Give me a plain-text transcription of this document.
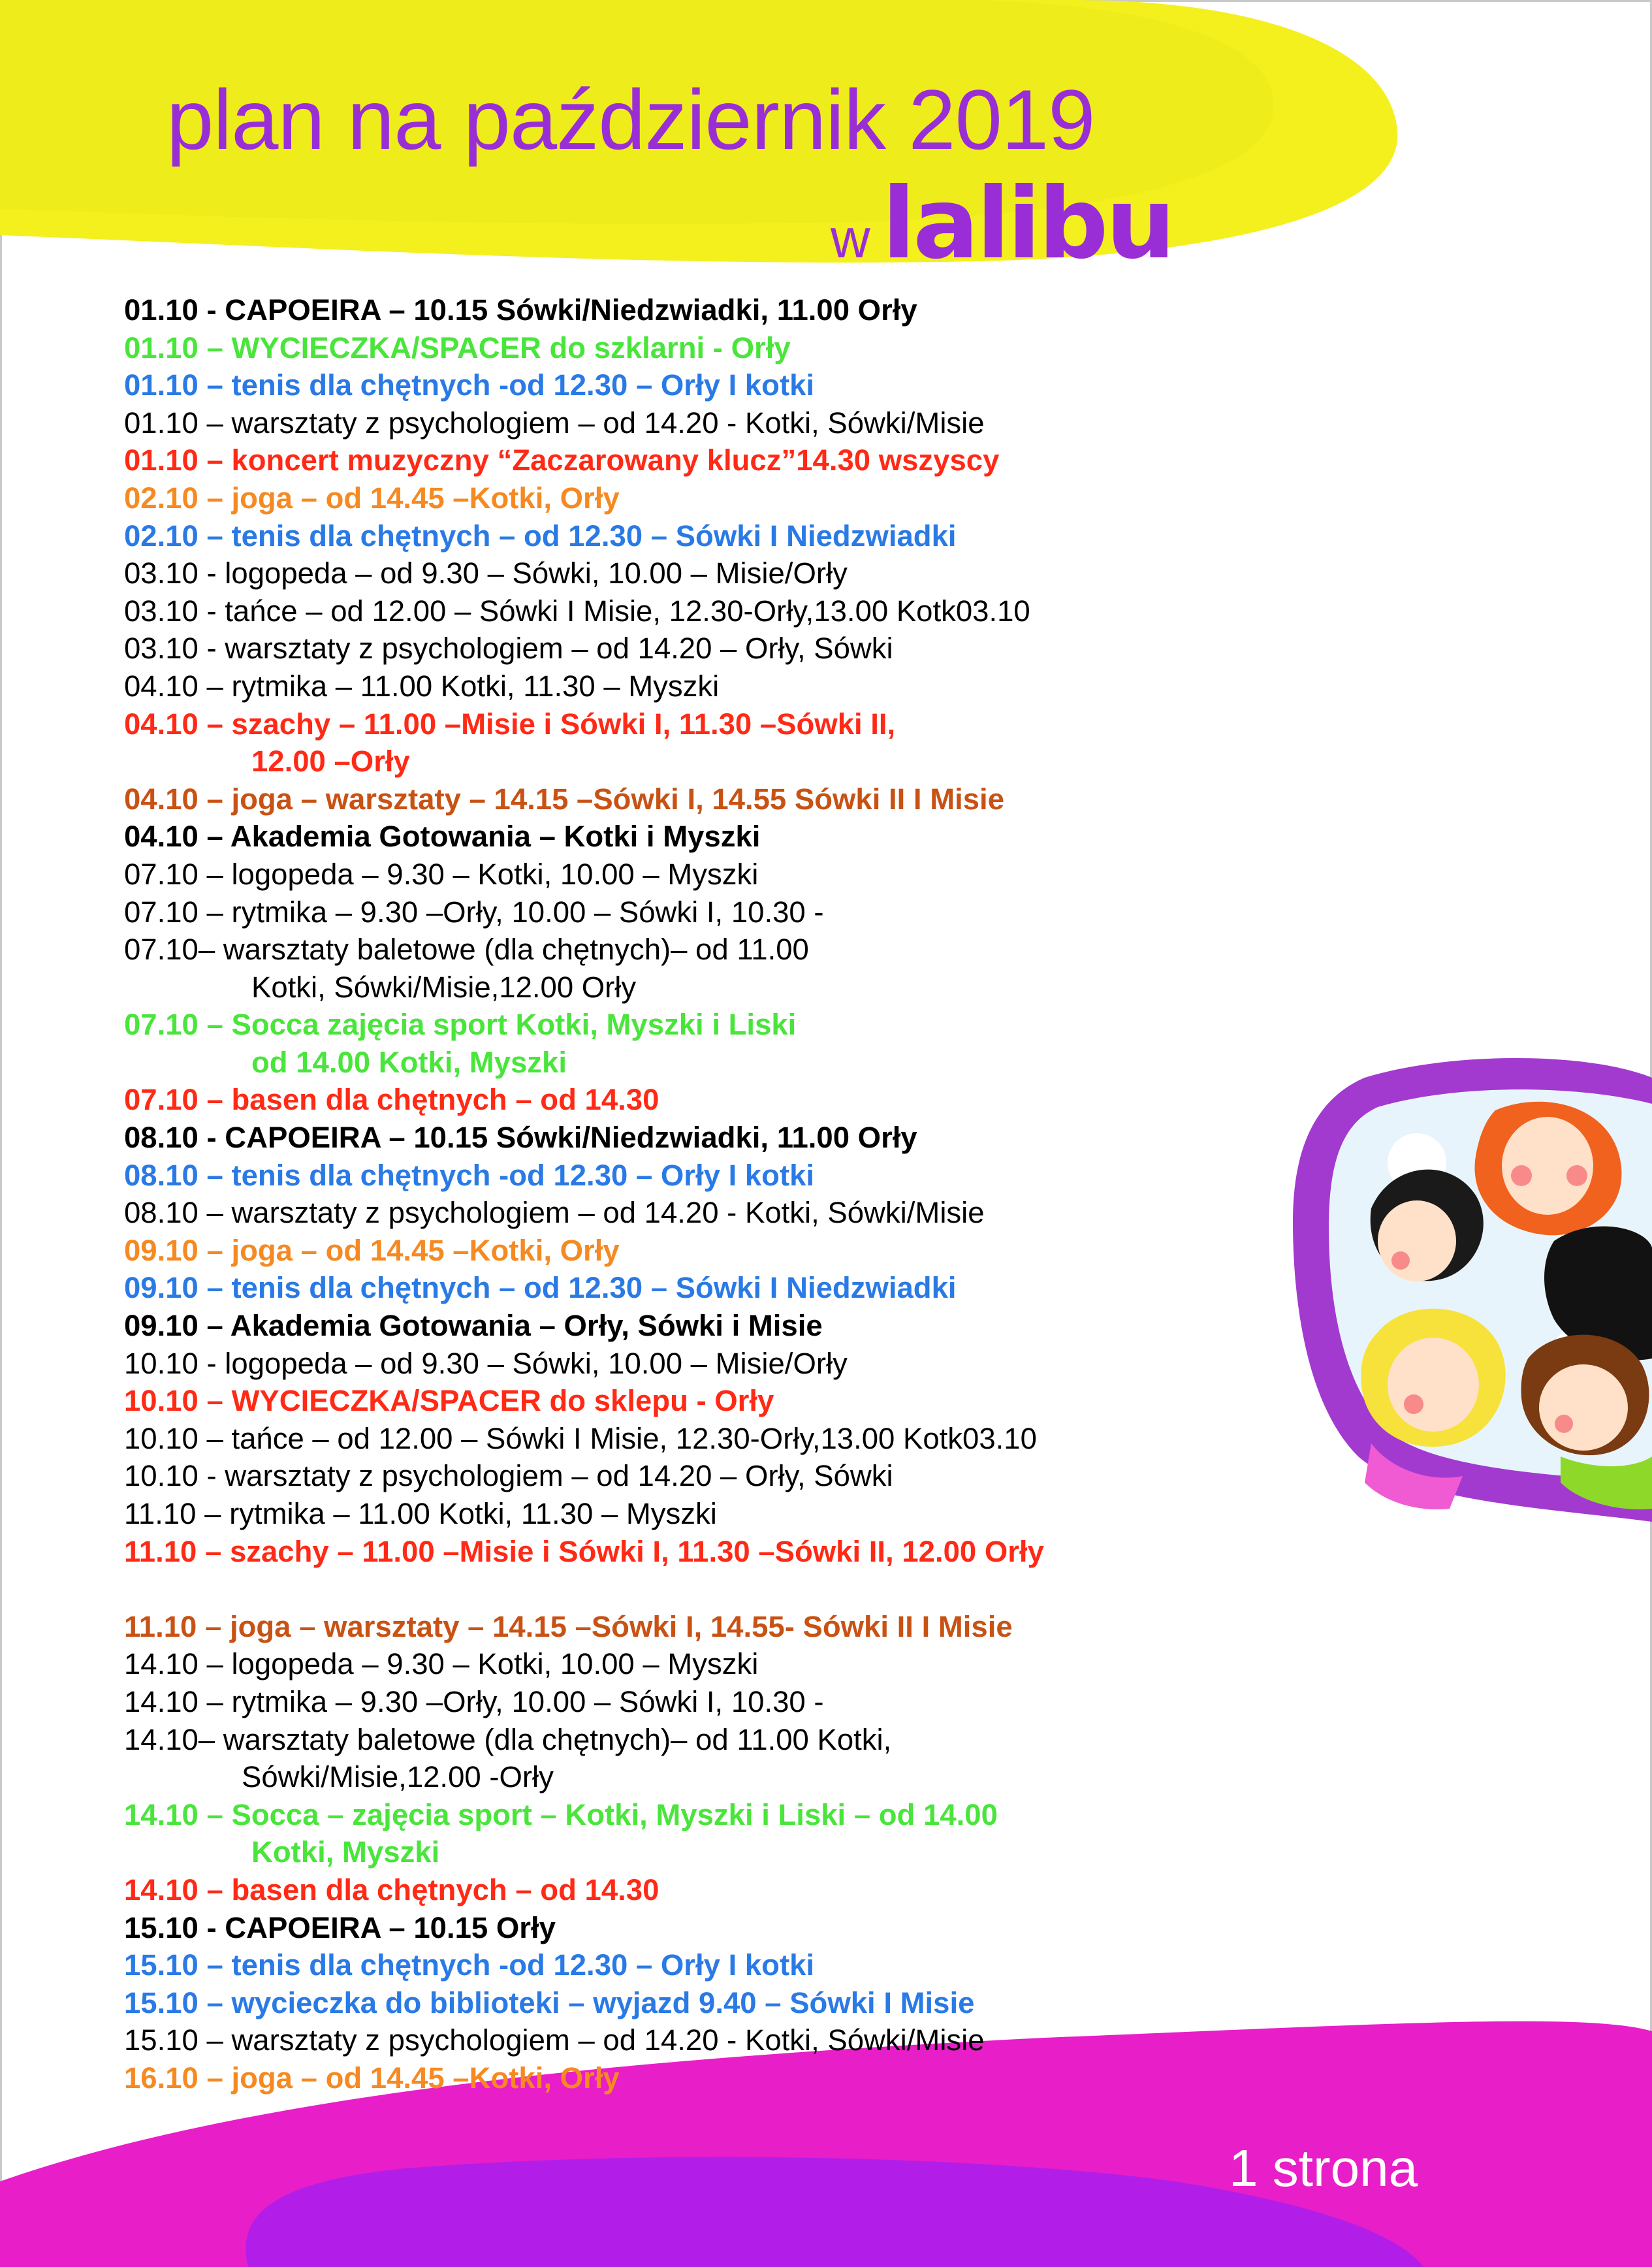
plan na październik 2019
w lalibu
01.10 - CAPOEIRA – 10.15 Sówki/Niedzwiadki, 11.00 Orły
01.10 – WYCIECZKA/SPACER do szklarni - Orły
01.10 – tenis dla chętnych -od 12.30 – Orły I kotki
01.10 – warsztaty z psychologiem – od 14.20 - Kotki, Sówki/Misie
01.10 – koncert muzyczny “Zaczarowany klucz”14.30 wszyscy
02.10 – joga – od 14.45 –Kotki, Orły
02.10 – tenis dla chętnych – od 12.30 – Sówki I Niedzwiadki
03.10 - logopeda – od 9.30 – Sówki, 10.00 – Misie/Orły
03.10 - tańce – od 12.00 – Sówki I Misie, 12.30-Orły,13.00 Kotk03.10
03.10 - warsztaty z psychologiem – od 14.20 – Orły, Sówki
04.10 – rytmika – 11.00 Kotki, 11.30 – Myszki
04.10 – szachy – 11.00 –Misie i Sówki I, 11.30 –Sówki II,
12.00 –Orły
04.10 – joga – warsztaty – 14.15 –Sówki I, 14.55 Sówki II I Misie
04.10 – Akademia Gotowania – Kotki i Myszki
07.10 – logopeda – 9.30 – Kotki, 10.00 – Myszki
07.10 – rytmika – 9.30 –Orły, 10.00 – Sówki I, 10.30 -
07.10– warsztaty baletowe (dla chętnych)– od 11.00
Kotki, Sówki/Misie,12.00 Orły
07.10 – Socca zajęcia sport Kotki, Myszki i Liski
od 14.00 Kotki, Myszki
07.10 – basen dla chętnych – od 14.30
08.10 - CAPOEIRA – 10.15 Sówki/Niedzwiadki, 11.00 Orły
08.10 – tenis dla chętnych -od 12.30 – Orły I kotki
08.10 – warsztaty z psychologiem – od 14.20 - Kotki, Sówki/Misie
09.10 – joga – od 14.45 –Kotki, Orły
09.10 – tenis dla chętnych – od 12.30 – Sówki I Niedzwiadki
09.10 – Akademia Gotowania – Orły, Sówki i Misie
10.10 - logopeda – od 9.30 – Sówki, 10.00 – Misie/Orły
10.10 – WYCIECZKA/SPACER do sklepu - Orły
10.10 – tańce – od 12.00 – Sówki I Misie, 12.30-Orły,13.00 Kotk03.10
10.10 - warsztaty z psychologiem – od 14.20 – Orły, Sówki
11.10 – rytmika – 11.00 Kotki, 11.30 – Myszki
11.10 – szachy – 11.00 –Misie i Sówki I, 11.30 –Sówki II, 12.00 Orły
11.10 – joga – warsztaty – 14.15 –Sówki I, 14.55- Sówki II I Misie
14.10 – logopeda – 9.30 – Kotki, 10.00 – Myszki
14.10 – rytmika – 9.30 –Orły, 10.00 – Sówki I, 10.30 -
14.10– warsztaty baletowe (dla chętnych)– od 11.00 Kotki,
Sówki/Misie,12.00 -Orły
14.10 – Socca – zajęcia sport – Kotki, Myszki i Liski – od 14.00
Kotki, Myszki
14.10 – basen dla chętnych – od 14.30
15.10 - CAPOEIRA – 10.15 Orły
15.10 – tenis dla chętnych -od 12.30 – Orły I kotki
15.10 – wycieczka do biblioteki – wyjazd 9.40 – Sówki I Misie
15.10 – warsztaty z psychologiem – od 14.20 - Kotki, Sówki/Misie
16.10 – joga – od 14.45 –Kotki, Orły
1 strona
